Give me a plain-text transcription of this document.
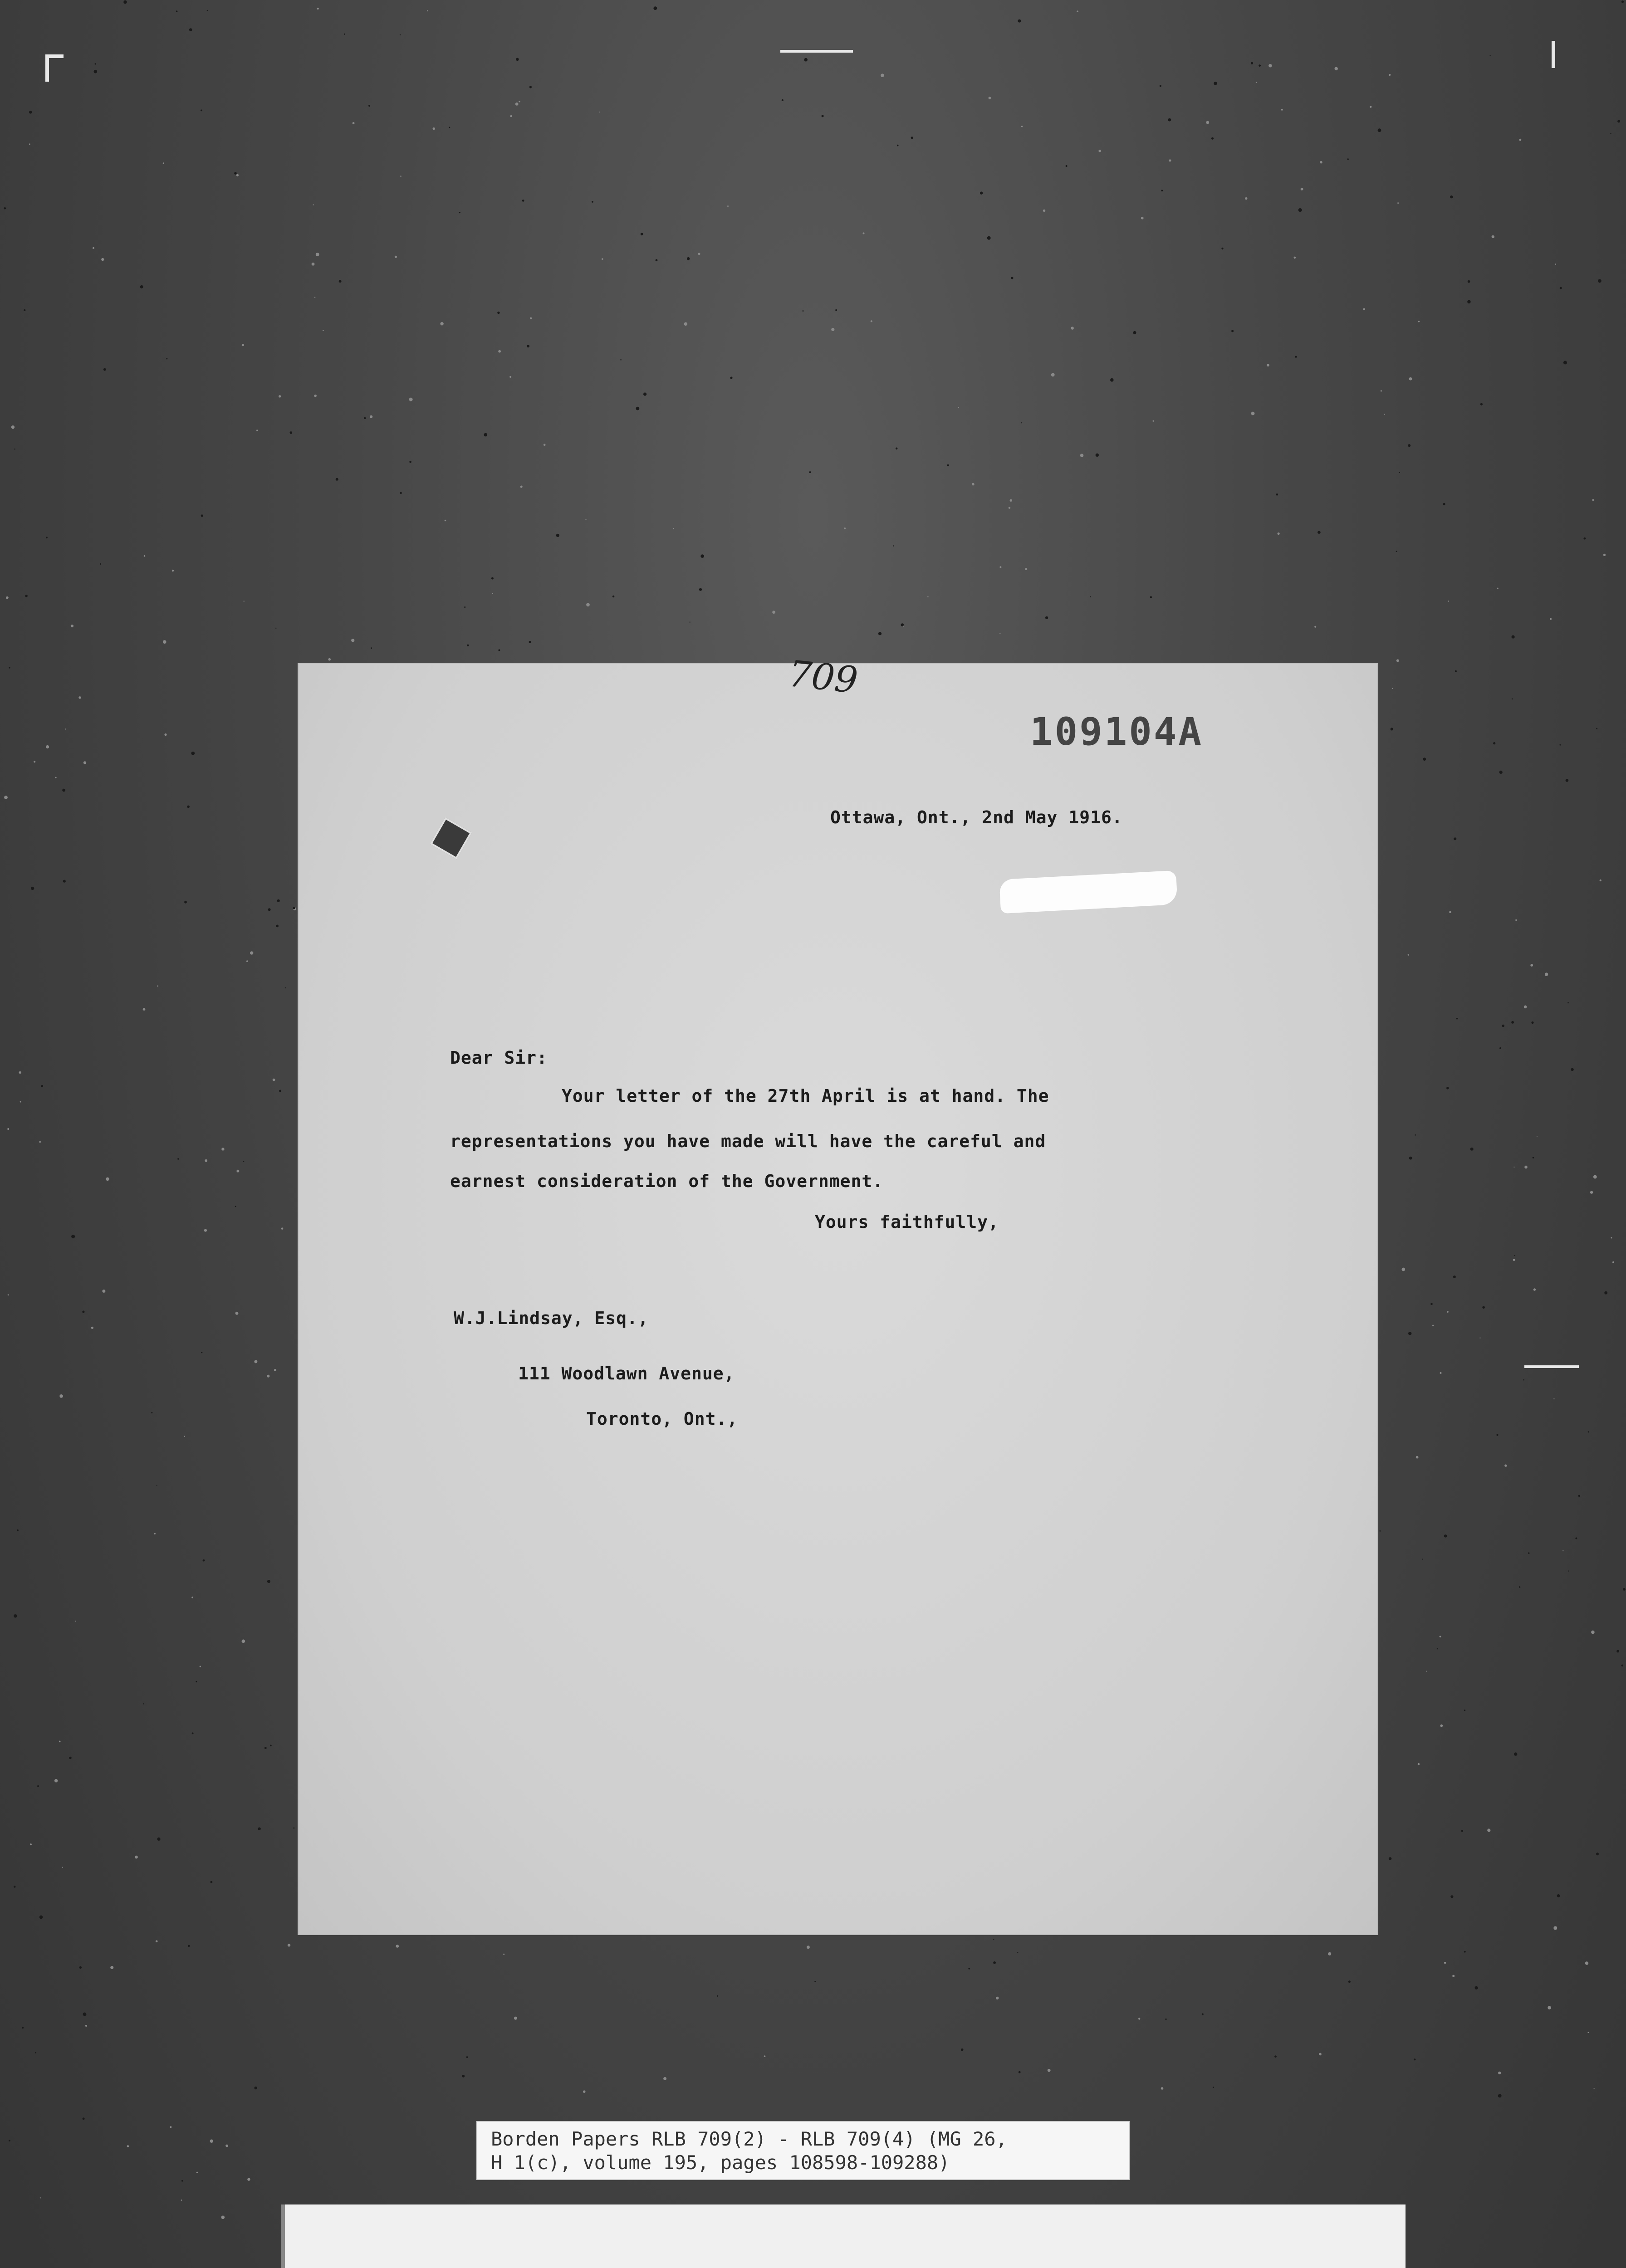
709
109104A
Ottawa, Ont., 2nd May 1916.
Dear Sir:
Your letter of the 27th April is at hand. The
representations you have made will have the careful and
earnest consideration of the Government.
Yours faithfully,
W.J.Lindsay, Esq.,
111 Woodlawn Avenue,
Toronto, Ont.,
Borden Papers RLB 709(2) - RLB 709(4) (MG 26,
H 1(c), volume 195, pages 108598-109288)
